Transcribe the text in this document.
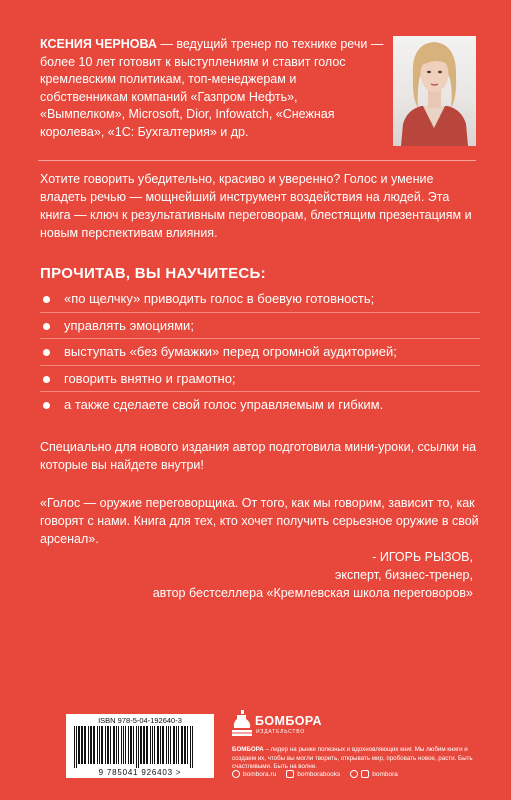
КСЕНИЯ ЧЕРНОВА — ведущий тренер по технике речи — более 10 лет готовит к выступлениям и ставит голос кремлевским политикам, топ-менеджерам и собственникам компаний «Газпром Нефть», «Вымпелком», Microsoft, Dior, Infowatch, «Снежная королева», «1С: Бухгалтерия» и др.

Хотите говорить убедительно, красиво и уверенно? Голос и умение владеть речью — мощнейший инструмент воздействия на людей. Эта книга — ключ к результативным переговорам, блестящим презентациям и новым перспективам влияния.

ПРОЧИТАВ, ВЫ НАУЧИТЕСЬ:
«по щелчку» приводить голос в боевую готовность;
управлять эмоциями;
выступать «без бумажки» перед огромной аудиторией;
говорить внятно и грамотно;
а также сделаете свой голос управляемым и гибким.

Специально для нового издания автор подготовила мини-уроки, ссылки на которые вы найдете внутри!

«Голос — оружие переговорщика. От того, как мы говорим, зависит то, как говорят с нами. Книга для тех, кто хочет получить серьезное оружие в свой арсенал».

- ИГОРЬ РЫЗОВ,
эксперт, бизнес-тренер,
автор бестселлера «Кремлевская школа переговоров»
ISBN 978-5-04-192640-3
9 785041 926403 >
БОМБОРА
ИЗДАТЕЛЬСТВО

БОМБОРА – лидер на рынке полезных и вдохновляющих книг. Мы любим книги и создаем их, чтобы вы могли творить, открывать мир, пробовать новое, расти. Быть счастливыми. Быть на волне.

bombora.ru	bomborabooks	bombora
